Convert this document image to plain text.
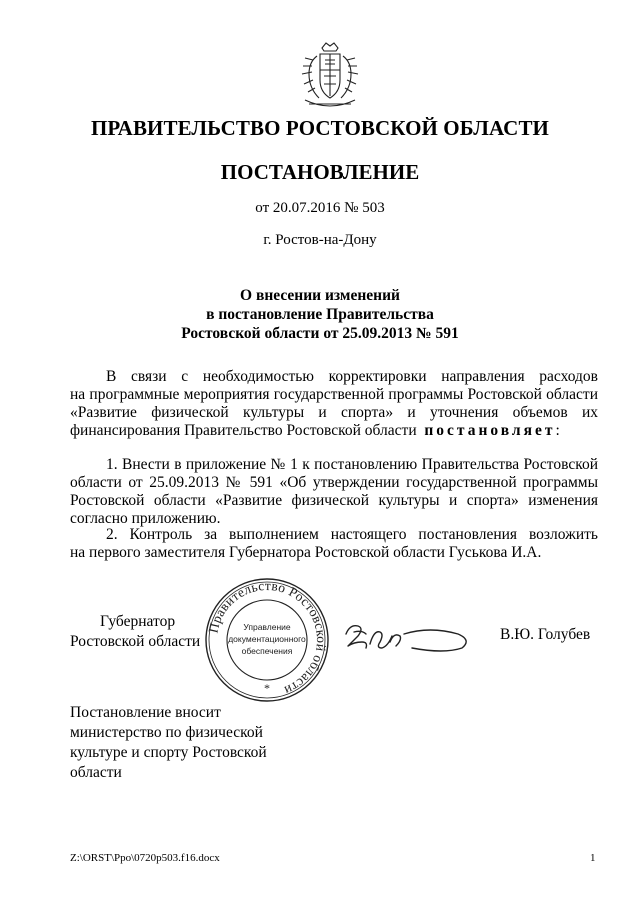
ПРАВИТЕЛЬСТВО РОСТОВСКОЙ ОБЛАСТИ
ПОСТАНОВЛЕНИЕ
от 20.07.2016 № 503
г. Ростов-на-Дону
О внесении изменений
в постановление Правительства
Ростовской области от 25.09.2013 № 591
В связи с необходимостью корректировки направления расходов
на программные мероприятия государственной программы Ростовской области
«Развитие физической культуры и спорта» и уточнения объемов их
финансирования Правительство Ростовской области постановляет:
1. Внести в приложение № 1 к постановлению Правительства Ростовской
области от 25.09.2013 № 591 «Об утверждении государственной программы
Ростовской области «Развитие физической культуры и спорта» изменения
согласно приложению.
2. Контроль за выполнением настоящего постановления возложить
на первого заместителя Губернатора Ростовской области Гуськова И.А.
Губернатор
Ростовской области
Правительство Ростовской области
Управление
документационного
обеспечения
*
В.Ю. Голубев
Постановление вносит
министерство по физической
культуре и спорту Ростовской
области
Z:\ORST\Ppo\0720p503.f16.docx	1
